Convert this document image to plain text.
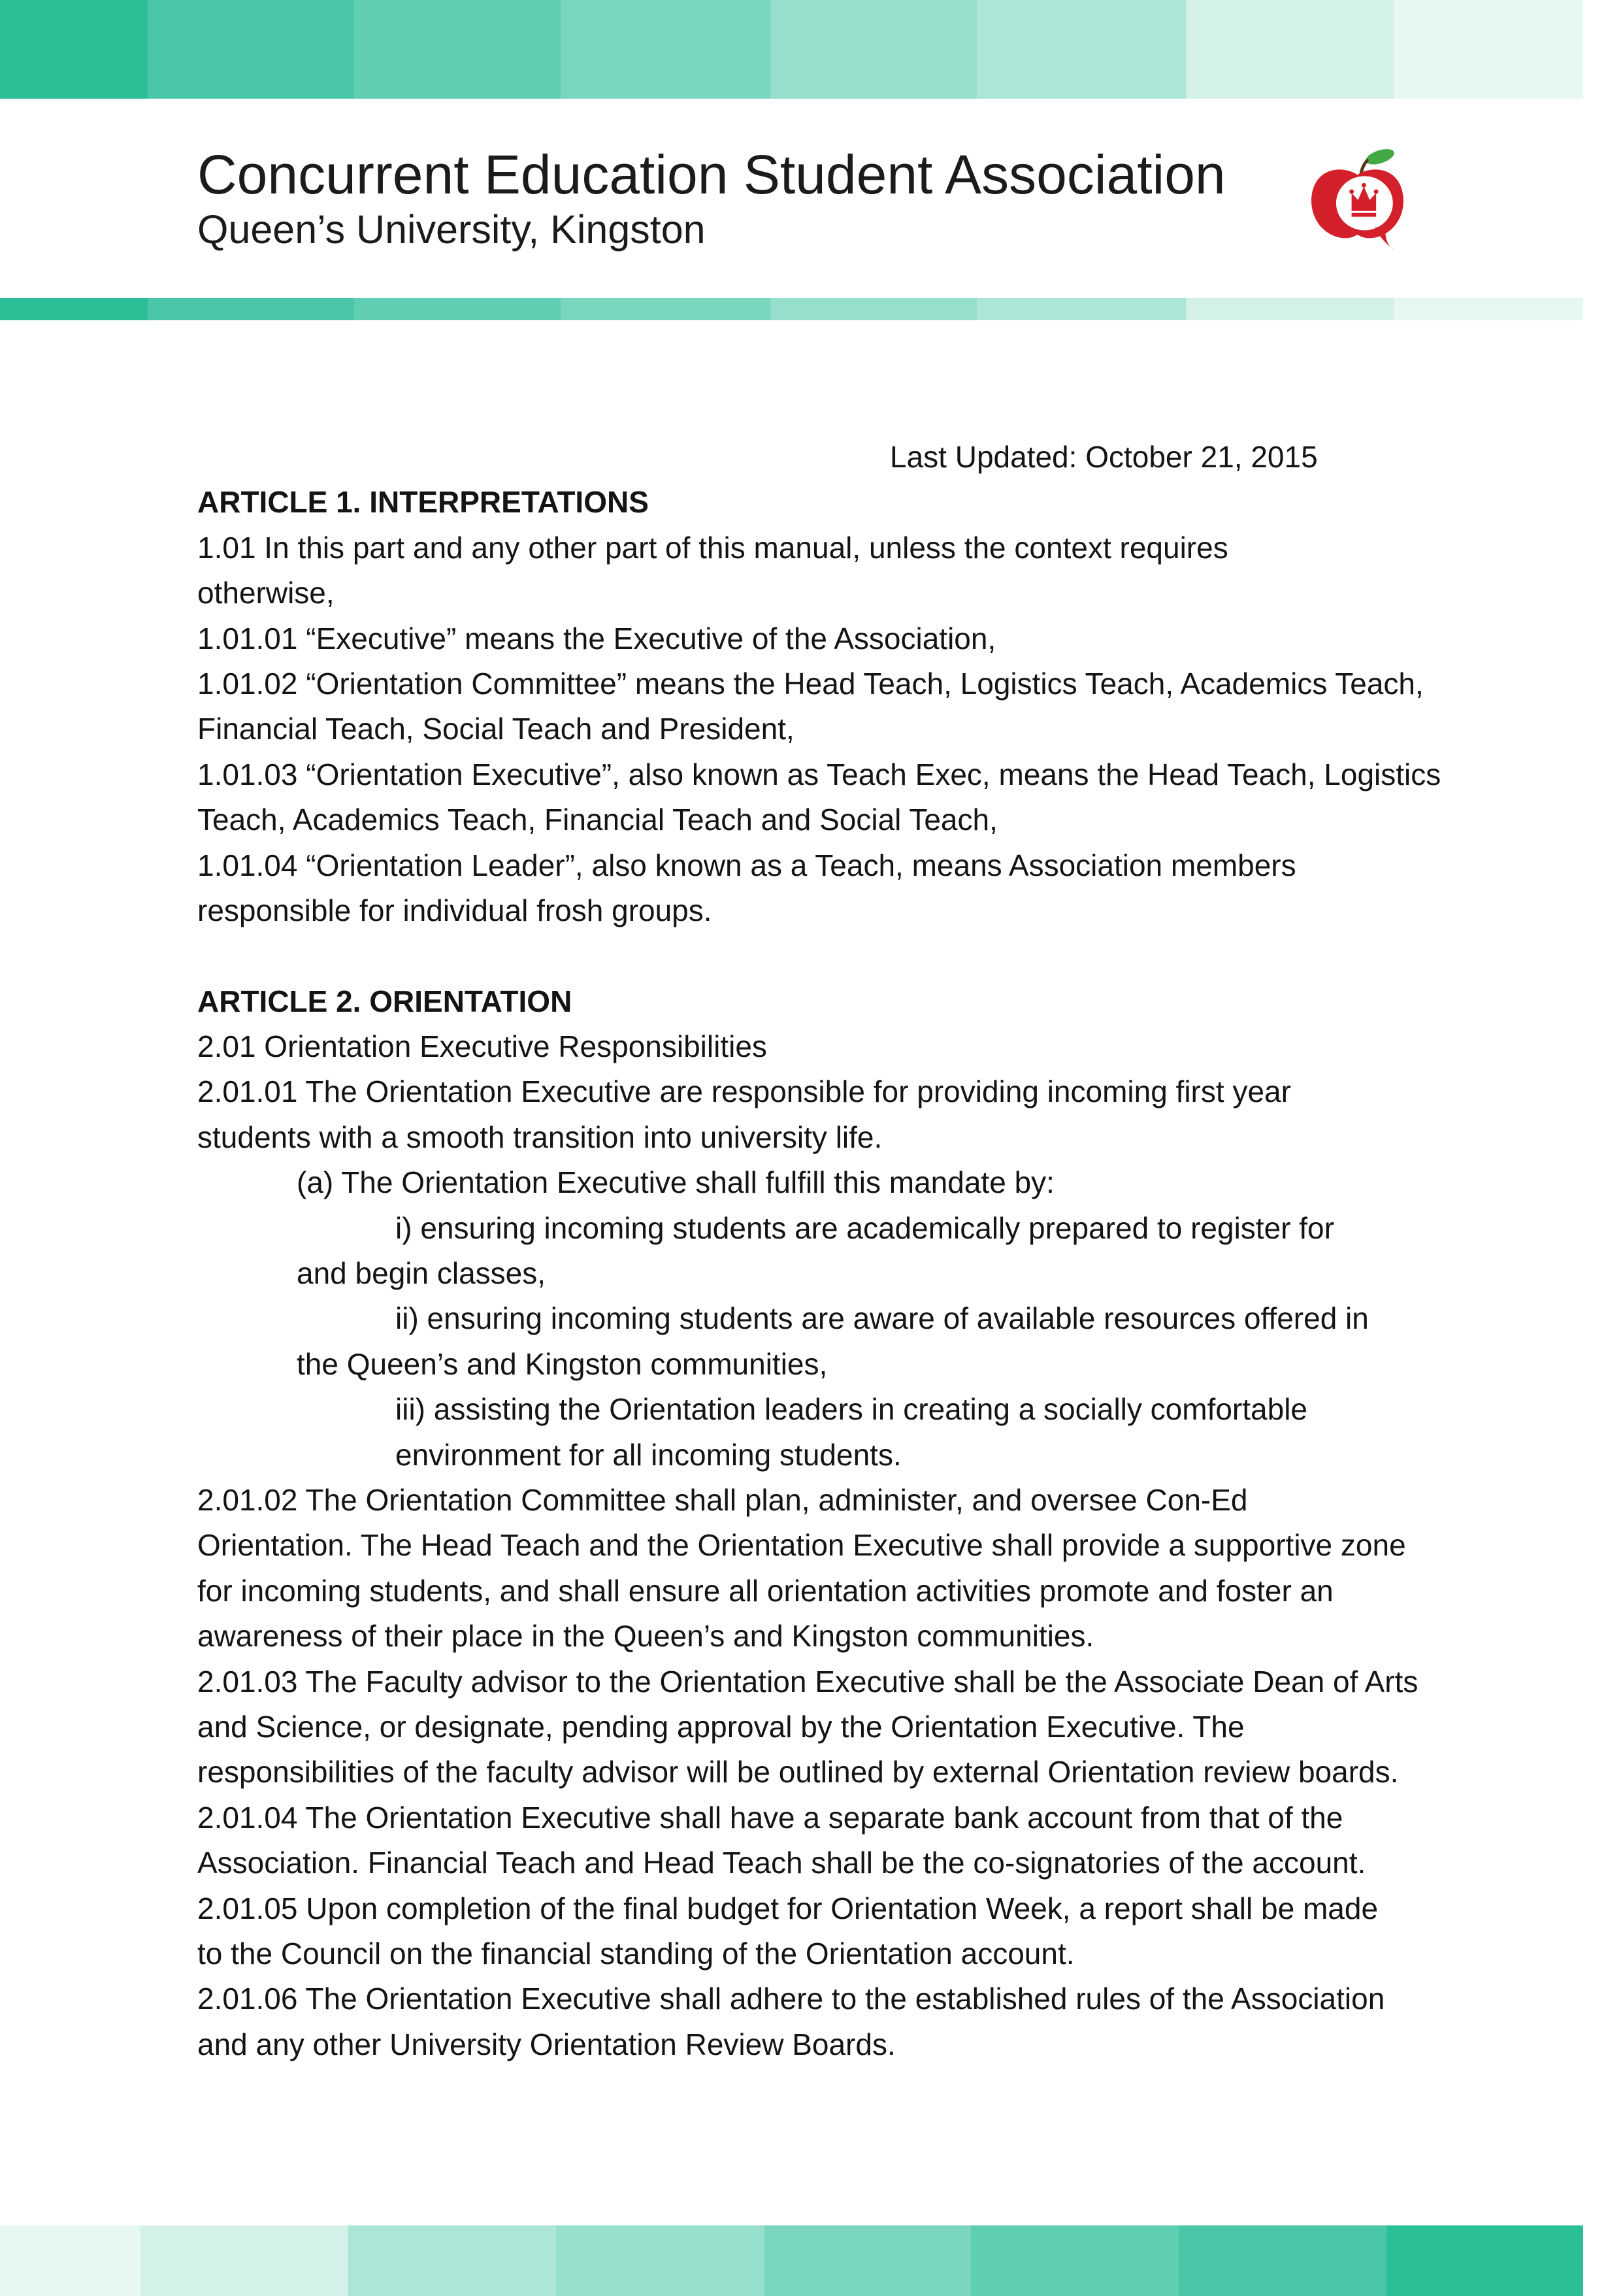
Concurrent Education Student Association
Queen’s University, Kingston
Last Updated: October 21, 2015
ARTICLE 1. INTERPRETATIONS
1.01 In this part and any other part of this manual, unless the context requires
otherwise,
1.01.01 “Executive” means the Executive of the Association,
1.01.02 “Orientation Committee” means the Head Teach, Logistics Teach, Academics Teach,
Financial Teach, Social Teach and President,
1.01.03 “Orientation Executive”, also known as Teach Exec, means the Head Teach, Logistics
Teach, Academics Teach, Financial Teach and Social Teach,
1.01.04 “Orientation Leader”, also known as a Teach, means Association members
responsible for individual frosh groups.
ARTICLE 2. ORIENTATION
2.01 Orientation Executive Responsibilities
2.01.01 The Orientation Executive are responsible for providing incoming first year
students with a smooth transition into university life.
(a) The Orientation Executive shall fulfill this mandate by:
i) ensuring incoming students are academically prepared to register for
and begin classes,
ii) ensuring incoming students are aware of available resources offered in
the Queen’s and Kingston communities,
iii) assisting the Orientation leaders in creating a socially comfortable
environment for all incoming students.
2.01.02 The Orientation Committee shall plan, administer, and oversee Con-Ed
Orientation. The Head Teach and the Orientation Executive shall provide a supportive zone
for incoming students, and shall ensure all orientation activities promote and foster an
awareness of their place in the Queen’s and Kingston communities.
2.01.03 The Faculty advisor to the Orientation Executive shall be the Associate Dean of Arts
and Science, or designate, pending approval by the Orientation Executive. The
responsibilities of the faculty advisor will be outlined by external Orientation review boards.
2.01.04 The Orientation Executive shall have a separate bank account from that of the
Association. Financial Teach and Head Teach shall be the co-signatories of the account.
2.01.05 Upon completion of the final budget for Orientation Week, a report shall be made
to the Council on the financial standing of the Orientation account.
2.01.06 The Orientation Executive shall adhere to the established rules of the Association
and any other University Orientation Review Boards.
